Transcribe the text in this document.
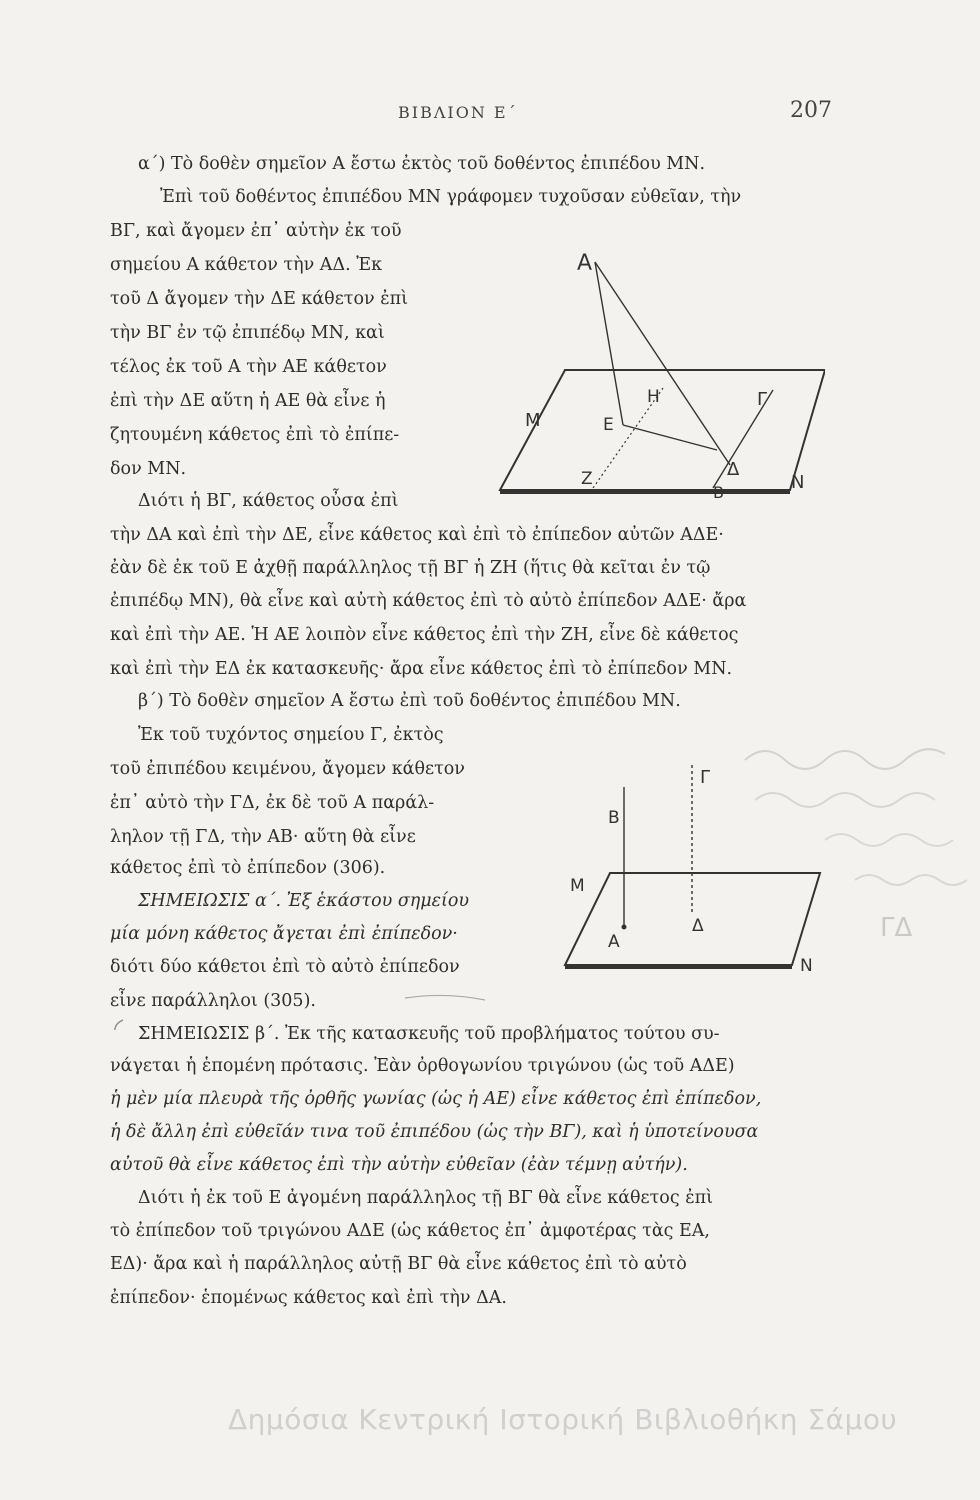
ΒΙΒΛΙΟΝ Ε΄	207
α΄) Τὸ δοθὲν σημεῖον Α ἔστω ἐκτὸς τοῦ δοθέντος ἐπιπέδου ΜΝ.
Ἐπὶ τοῦ δοθέντος ἐπιπέδου ΜΝ γράφομεν τυχοῦσαν εὐθεῖαν, τὴν
ΒΓ, καὶ ἄγομεν ἐπ᾽ αὐτὴν ἐκ τοῦ
σημείου Α κάθετον τὴν ΑΔ. Ἐκ
τοῦ Δ ἄγομεν τὴν ΔΕ κάθετον ἐπὶ
τὴν ΒΓ ἐν τῷ ἐπιπέδῳ ΜΝ, καὶ
τέλος ἐκ τοῦ Α τὴν ΑΕ κάθετον
ἐπὶ τὴν ΔΕ αὕτη ἡ ΑΕ θὰ εἶνε ἡ
ζητουμένη κάθετος ἐπὶ τὸ ἐπίπε-
δον ΜΝ.
Διότι ἡ ΒΓ, κάθετος οὖσα ἐπὶ
τὴν ΔΑ καὶ ἐπὶ τὴν ΔΕ, εἶνε κάθετος καὶ ἐπὶ τὸ ἐπίπεδον αὐτῶν ΑΔΕ·
ἐὰν δὲ ἐκ τοῦ Ε ἀχθῇ παράλληλος τῇ ΒΓ ἡ ΖΗ (ἥτις θὰ κεῖται ἐν τῷ
ἐπιπέδῳ ΜΝ), θὰ εἶνε καὶ αὐτὴ κάθετος ἐπὶ τὸ αὐτὸ ἐπίπεδον ΑΔΕ· ἄρα
καὶ ἐπὶ τὴν ΑΕ. Ἡ ΑΕ λοιπὸν εἶνε κάθετος ἐπὶ τὴν ΖΗ, εἶνε δὲ κάθετος
καὶ ἐπὶ τὴν ΕΔ ἐκ κατασκευῆς· ἄρα εἶνε κάθετος ἐπὶ τὸ ἐπίπεδον ΜΝ.
β΄) Τὸ δοθὲν σημεῖον Α ἔστω ἐπὶ τοῦ δοθέντος ἐπιπέδου ΜΝ.
Ἐκ τοῦ τυχόντος σημείου Γ, ἐκτὸς
τοῦ ἐπιπέδου κειμένου, ἄγομεν κάθετον
ἐπ᾽ αὐτὸ τὴν ΓΔ, ἐκ δὲ τοῦ Α παράλ-
ληλον τῇ ΓΔ, τὴν ΑΒ· αὕτη θὰ εἶνε
κάθετος ἐπὶ τὸ ἐπίπεδον (306).
ΣΗΜΕΙΩΣΙΣ α΄. Ἐξ ἑκάστου σημείου
μία μόνη κάθετος ἄγεται ἐπὶ ἐπίπεδον·
διότι δύο κάθετοι ἐπὶ τὸ αὐτὸ ἐπίπεδον
εἶνε παράλληλοι (305).
ΣΗΜΕΙΩΣΙΣ β΄. Ἐκ τῆς κατασκευῆς τοῦ προβλήματος τούτου συ-
νάγεται ἡ ἑπομένη πρότασις. Ἐὰν ὀρθογωνίου τριγώνου (ὡς τοῦ ΑΔΕ)
ἡ μὲν μία πλευρὰ τῆς ὀρθῆς γωνίας (ὡς ἡ ΑΕ) εἶνε κάθετος ἐπὶ ἐπίπεδον,
ἡ δὲ ἄλλη ἐπὶ εὐθεῖάν τινα τοῦ ἐπιπέδου (ὡς τὴν ΒΓ), καὶ ἡ ὑποτείνουσα
αὐτοῦ θὰ εἶνε κάθετος ἐπὶ τὴν αὐτὴν εὐθεῖαν (ἐὰν τέμνῃ αὐτήν).
Διότι ἡ ἐκ τοῦ Ε ἀγομένη παράλληλος τῇ ΒΓ θὰ εἶνε κάθετος ἐπὶ
τὸ ἐπίπεδον τοῦ τριγώνου ΑΔΕ (ὡς κάθετος ἐπ᾽ ἀμφοτέρας τὰς ΕΑ,
ΕΔ)· ἄρα καὶ ἡ παράλληλος αὐτῇ ΒΓ θὰ εἶνε κάθετος ἐπὶ τὸ αὐτὸ
ἐπίπεδον· ἑπομένως κάθετος καὶ ἐπὶ τὴν ΔΑ.
Α
Η	Γ
Μ	Ε
Ζ	Δ
Β	Ν
Γ
Β
Μ
Α
Δ
Ν
ΓΔ
Δημόσια Κεντρική Ιστορική Βιβλιοθήκη Σάμου
